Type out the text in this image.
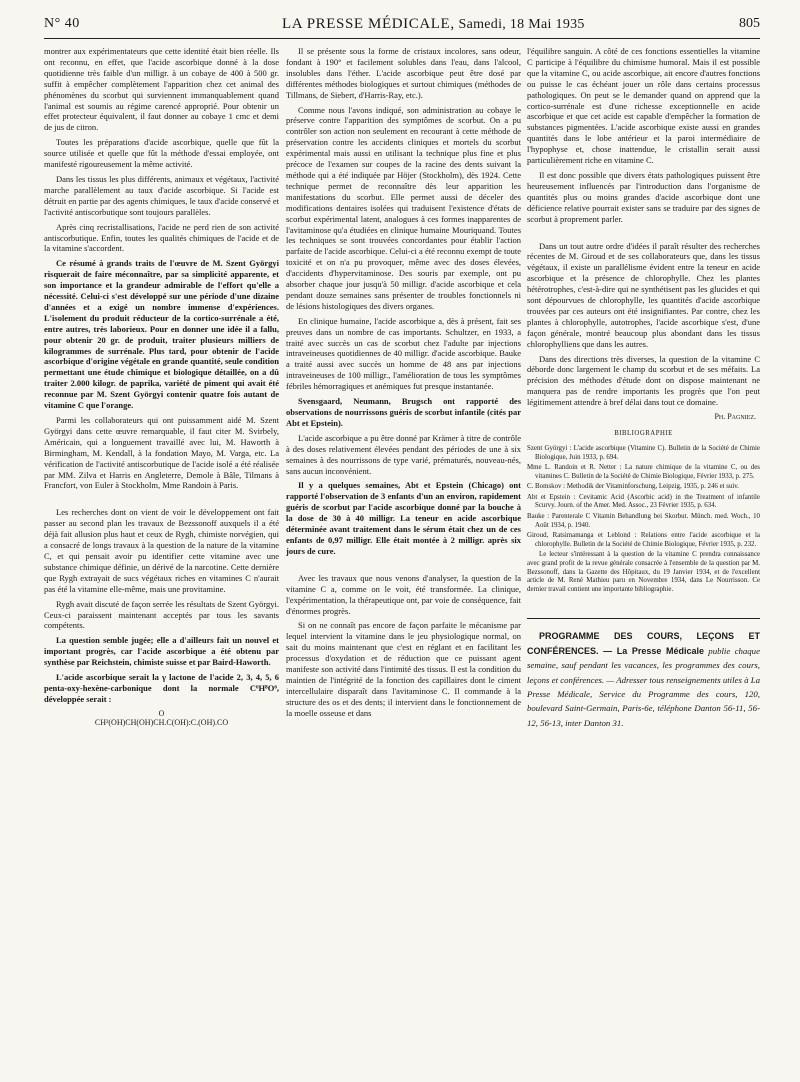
N° 40	LA PRESSE MÉDICALE, Samedi, 18 Mai 1935	805

montrer aux expérimentateurs que cette identité était bien réelle. Ils ont reconnu, en effet, que l'acide ascorbique donné à la dose quotidienne très faible d'un milligr. à un cobaye de 400 à 500 gr. suffit à empêcher complètement l'apparition chez cet animal des phénomènes du scorbut qui surviennent immanquablement quand l'animal est soumis au régime carencé approprié. Pour obtenir un effet protecteur équivalent, il faut donner au cobaye 1 cmc et demi de jus de citron.

Toutes les préparations d'acide ascorbique, quelle que fût la source utilisée et quelle que fût la méthode d'essai employée, ont manifesté rigoureusement la même activité.

Dans les tissus les plus différents, animaux et végétaux, l'activité marche parallèlement au taux d'acide ascorbique. Si l'acide est détruit en partie par des agents chimiques, le taux d'acide conservé et l'activité antiscorbutique sont toujours parallèles.

Après cinq recristallisations, l'acide ne perd rien de son activité antiscorbutique. Enfin, toutes les qualités chimiques de l'acide et de la vitamine s'accordent.

Ce résumé à grands traits de l'œuvre de M. Szent Györgyi risquerait de faire méconnaître, par sa simplicité apparente, et son importance et la grandeur admirable de l'effort qu'elle a nécessité. Celui-ci s'est développé sur une période d'une dizaine d'années et a exigé un nombre immense d'expériences. L'isolement du produit réducteur de la cortico-surrénale a été, entre autres, très laborieux. Pour en donner une idée il a fallu, pour obtenir 20 gr. de produit, traiter plusieurs milliers de kilogrammes de surrénale. Plus tard, pour obtenir de l'acide ascorbique d'origine végétale en grande quantité, seule condition permettant une étude chimique et biologique détaillée, on a dû traiter 2.000 kilogr. de paprika, variété de piment qui avait été reconnue par M. Szent Györgyi contenir quatre fois autant de vitamine C que l'orange.

Parmi les collaborateurs qui ont puissamment aidé M. Szent Györgyi dans cette œuvre remarquable, il faut citer M. Svirbely, Américain, qui a longuement travaillé avec lui, M. Haworth à Birmingham, M. Kendall, à la fondation Mayo, M. Varga, etc. La vérification de l'activité antiscorbutique de l'acide isolé a été réalisée par MM. Zilva et Harris en Angleterre, Demole à Bâle, Tilmans à Francfort, von Euler à Stockholm, Mme Randoin à Paris.

Les recherches dont on vient de voir le développement ont fait passer au second plan les travaux de Bezssonoff auxquels il a été déjà fait allusion plus haut et ceux de Rygh, chimiste norvégien, qui a consacré de longs travaux à la question de la nature de la vitamine C, et qui pensait avoir pu identifier cette vitamine avec une substance chimique définie, un dérivé de la narcotine. Cette dernière que Rygh extrayait de sucs végétaux riches en vitamines C n'aurait pas été la vitamine elle-même, mais une provitamine.

Rygh avait discuté de façon serrée les résultats de Szent Györgyi. Ceux-ci paraissent maintenant acceptés par tous les savants compétents.

La question semble jugée; elle a d'ailleurs fait un nouvel et important progrès, car l'acide ascorbique a été obtenu par synthèse par Reichstein, chimiste suisse et par Baird-Haworth.

L'acide ascorbique serait la γ lactone de l'acide 2, 3, 4, 5, 6 penta-oxy-hexène-carbonique dont la normale C⁶H⁸O⁶, développée serait :

O
CH²(OH)CH(OH)CH.C(OH):C.(OH).CO

Il se présente sous la forme de cristaux incolores, sans odeur, fondant à 190° et facilement solubles dans l'eau, dans l'alcool, insolubles dans l'éther. L'acide ascorbique peut être dosé par différentes méthodes biologiques et surtout chimiques (méthodes de Tillmans, de Siebert, d'Harris-Ray, etc.).

Comme nous l'avons indiqué, son administration au cobaye le préserve contre l'apparition des symptômes de scorbut. On a pu contrôler son action non seulement en recourant à cette méthode de préservation contre les accidents cliniques et mortels du scorbut expérimental mais aussi en utilisant la technique plus fine et plus précoce de l'examen sur coupes de la racine des dents suivant la méthode qui a été indiquée par Höjer (Stockholm), dès 1924. Cette technique permet de reconnaître dès leur apparition les manifestations du scorbut. Elle permet aussi de déceler des modifications dentaires isolées qui traduisent l'existence d'états de scorbut expérimental latent, analogues à ces formes inapparentes de l'avitaminose qu'a étudiées en clinique humaine Mouriquand. Toutes les techniques se sont trouvées concordantes pour établir l'action parfaite de l'acide ascorbique. Celui-ci a été reconnu exempt de toute toxicité et on n'a pu provoquer, même avec des doses élevées, d'accidents d'hypervitaminose. Des souris par exemple, ont pu absorber chaque jour jusqu'à 50 milligr. d'acide ascorbique et cela pendant douze semaines sans présenter de troubles fonctionnels ni de lésions histologiques des divers organes.

En clinique humaine, l'acide ascorbique a, dès à présent, fait ses preuves dans un nombre de cas importants. Schultzer, en 1933, a traité avec succès un cas de scorbut chez l'adulte par injections intraveineuses quotidiennes de 40 milligr. d'acide ascorbique. Bauke a traité aussi avec succès un homme de 48 ans par injections intraveineuses de 100 milligr., l'amélioration de tous les symptômes fébriles hémorragiques et anémiques fut presque instantanée.

Svensgaard, Neumann, Brugsch ont rapporté des observations de nourrissons guéris de scorbut infantile (cités par Abt et Epstein).

L'acide ascorbique a pu être donné par Krämer à titre de contrôle à des doses relativement élevées pendant des périodes de une à six semaines à des nourrissons de type varié, prématurés, nouveau-nés, sans aucun inconvénient.

Il y a quelques semaines, Abt et Epstein (Chicago) ont rapporté l'observation de 3 enfants d'un an environ, rapidement guéris de scorbut par l'acide ascorbique donné par la bouche à la dose de 30 à 40 milligr. La teneur en acide ascorbique déterminée avant traitement dans le sérum était chez un de ces enfants de 0,97 milligr. Elle était montée à 2 milligr. après six jours de cure.

Avec les travaux que nous venons d'analyser, la question de la vitamine C a, comme on le voit, été transformée. La clinique, l'expérimentation, la thérapeutique ont, par voie de conséquence, fait d'énormes progrès.

Si on ne connaît pas encore de façon parfaite le mécanisme par lequel intervient la vitamine dans le jeu physiologique normal, on sait du moins maintenant que c'est en réglant et en facilitant les processus d'oxydation et de réduction que ce puissant agent manifeste son activité dans l'intimité des tissus. Il est la condition du maintien de l'intégrité de la fonction des capillaires dont le ciment intercellulaire disparaît dans l'avitaminose C. Il commande à la structure des os et des dents; il intervient dans le fonctionnement de la moelle osseuse et dans

l'équilibre sanguin. A côté de ces fonctions essentielles la vitamine C participe à l'équilibre du chimisme humoral. Mais il est possible que la vitamine C, ou acide ascorbique, ait encore d'autres fonctions ou puisse le cas échéant jouer un rôle dans certains processus pathologiques. On peut se le demander quand on apprend que la cortico-surrénale est d'une richesse exceptionnelle en acide ascorbique et que cet acide est capable d'empêcher la formation de substances pigmentées. L'acide ascorbique existe aussi en grandes quantités dans le lobe antérieur et la paroi intermédiaire de l'hypophyse et, chose inattendue, le cristallin serait aussi particulièrement riche en vitamine C.

Il est donc possible que divers états pathologiques puissent être heureusement influencés par l'introduction dans l'organisme de quantités plus ou moins grandes d'acide ascorbique dont une déficience relative pourrait exister sans se traduire par des signes de scorbut à proprement parler.

Dans un tout autre ordre d'idées il paraît résulter des recherches récentes de M. Giroud et de ses collaborateurs que, dans les tissus végétaux, il existe un parallélisme évident entre la teneur en acide ascorbique et la présence de chlorophylle. Chez les plantes hétérotrophes, c'est-à-dire qui ne synthétisent pas les glucides et qui sont dépourvues de chlorophylle, les quantités d'acide ascorbique trouvées par ces auteurs ont été insignifiantes. Par contre, chez les plantes à chlorophylle, autotrophes, l'acide ascorbique s'est, d'une façon générale, montré beaucoup plus abondant dans les tissus chlorophylliens que dans les autres.

Dans des directions très diverses, la question de la vitamine C déborde donc largement le champ du scorbut et de ses méfaits. La précision des méthodes d'étude dont on dispose maintenant ne manquera pas de rendre importants les progrès que l'on peut légitimement attendre à bref délai dans tout ce domaine.

Ph. Pagniez.
BIBLIOGRAPHIE

Szent Györgyi : L'acide ascorbique (Vitamine C). Bulletin de la Société de Chimie Biologique, Juin 1933, p. 694.

Mme L. Randoin et R. Netter : La nature chimique de la vitamine C, ou des vitamines C. Bulletin de la Société de Chimie Biologique, Février 1933, p. 275.

C. Bomskov : Methodik der Vitaminforschung, Leipzig, 1935, p. 246 et suiv.

Abt et Epstein : Cevitamic Acid (Ascorbic acid) in the Treatment of infantile Scurvy. Journ. of the Amer. Med. Assoc., 23 Février 1935, p. 634.

Bauke : Parenterale C Vitamin Behandlung bei Skorbut. Münch. med. Woch., 10 Août 1934, p. 1940.

Giroud, Ratsimamanga et Leblond : Relations entre l'acide ascorbique et la chlorophylle. Bulletin de la Société de Chimie Biologique, Février 1935, p. 232.

Le lecteur s'intéressant à la question de la vitamine C prendra connaissance avec grand profit de la revue générale consacrée à l'ensemble de la question par M. Bezssonoff, dans la Gazette des Hôpitaux, du 19 Janvier 1934, et de l'excellent article de M. René Mathieu paru en Novembre 1934, dans Le Nourrisson. Ce dernier travail contient une importante bibliographie.

PROGRAMME DES COURS, LEÇONS ET CONFÉRENCES. — La Presse Médicale publie chaque semaine, sauf pendant les vacances, les programmes des cours, leçons et conférences. — Adresser tous renseignements utiles à La Presse Médicale, Service du Programme des cours, 120, boulevard Saint-Germain, Paris-6e, téléphone Danton 56-11, 56-12, 56-13, inter Danton 31.
